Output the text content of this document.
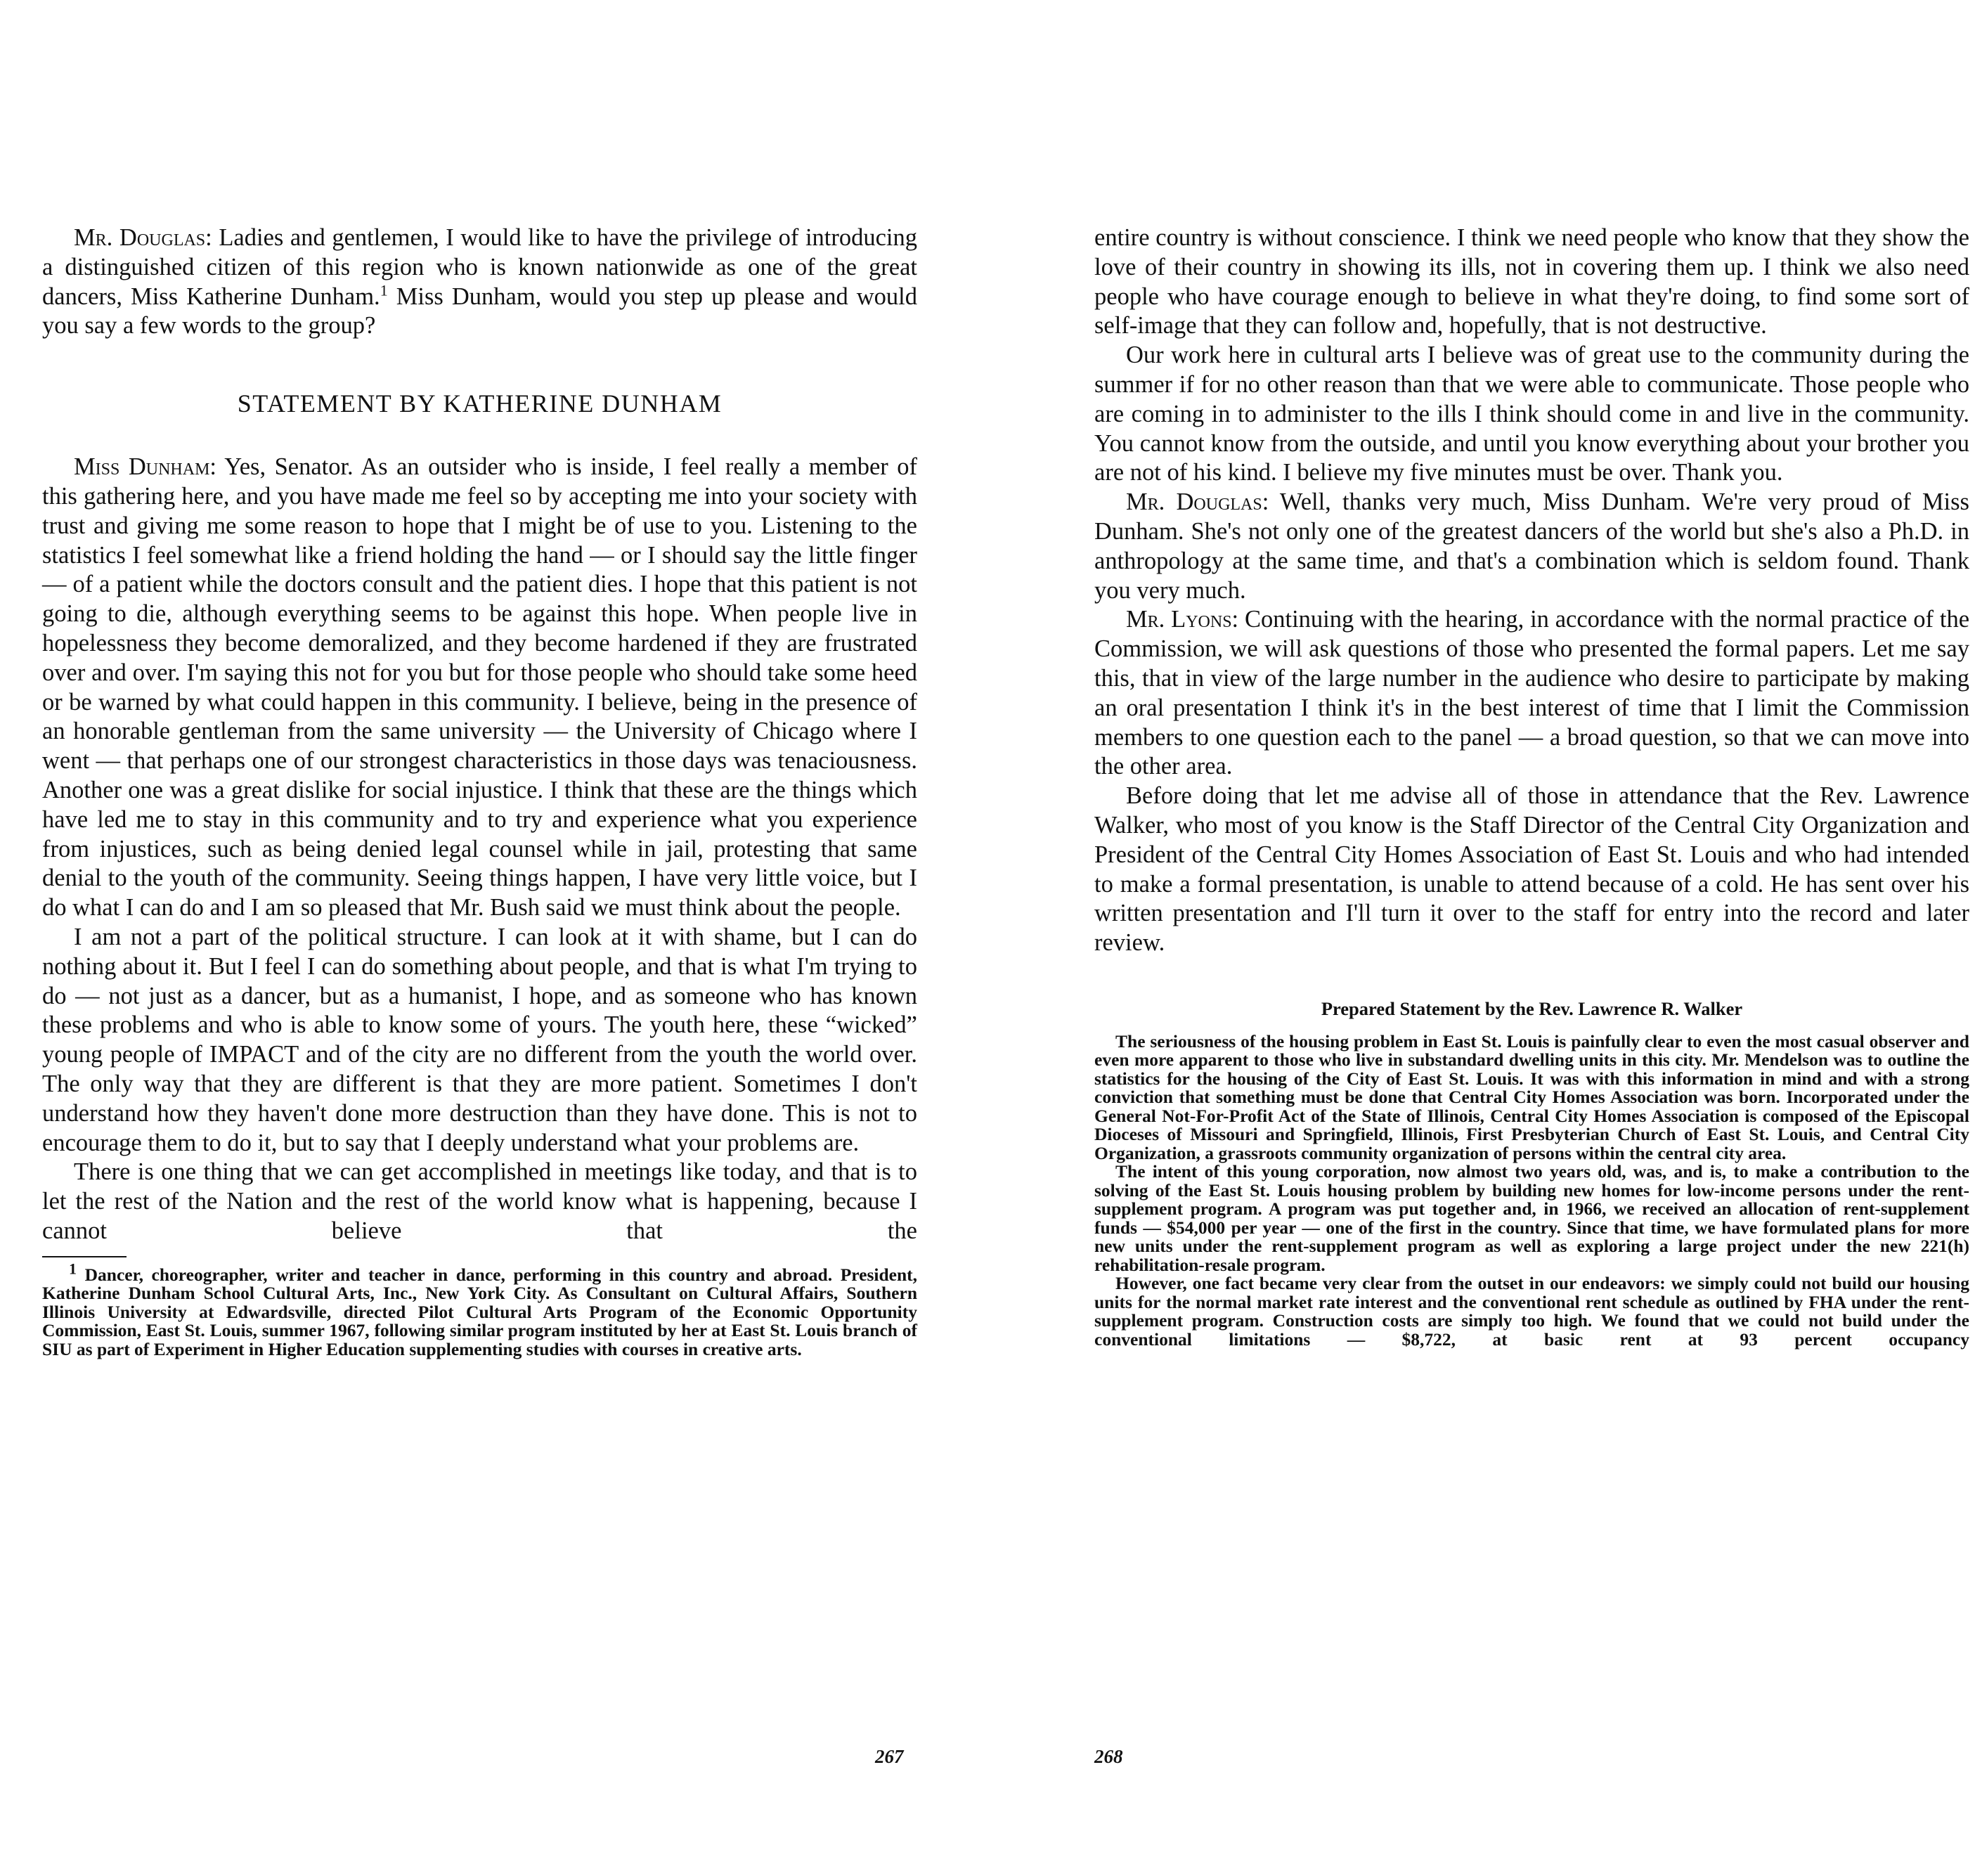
Mr. Douglas: Ladies and gentlemen, I would like to have the privilege of introducing a distinguished citizen of this region who is known nationwide as one of the great dancers, Miss Katherine Dunham.$^1$ Miss Dunham, would you step up please and would you say a few words to the group?

STATEMENT BY KATHERINE DUNHAM

Miss Dunham: Yes, Senator. As an outsider who is inside, I feel really a member of this gathering here, and you have made me feel so by accepting me into your society with trust and giving me some reason to hope that I might be of use to you. Listening to the statistics I feel somewhat like a friend holding the hand — or I should say the little finger — of a patient while the doctors consult and the patient dies. I hope that this patient is not going to die, although everything seems to be against this hope. When people live in hopelessness they become demoralized, and they become hardened if they are frustrated over and over. I'm saying this not for you but for those people who should take some heed or be warned by what could happen in this community. I believe, being in the presence of an honorable gentleman from the same university — the University of Chicago where I went — that perhaps one of our strongest characteristics in those days was tenaciousness. Another one was a great dislike for social injustice. I think that these are the things which have led me to stay in this community and to try and experience what you experience from injustices, such as being denied legal counsel while in jail, protesting that same denial to the youth of the community. Seeing things happen, I have very little voice, but I do what I can do and I am so pleased that Mr. Bush said we must think about the people.

I am not a part of the political structure. I can look at it with shame, but I can do nothing about it. But I feel I can do something about people, and that is what I'm trying to do — not just as a dancer, but as a humanist, I hope, and as someone who has known these problems and who is able to know some of yours. The youth here, these “wicked” young people of IMPACT and of the city are no different from the youth the world over. The only way that they are different is that they are more patient. Sometimes I don't understand how they haven't done more destruction than they have done. This is not to encourage them to do it, but to say that I deeply understand what your problems are.

There is one thing that we can get accomplished in meetings like today, and that is to let the rest of the Nation and the rest of the world know what is happening, because I cannot believe that the

$^1$ Dancer, choreographer, writer and teacher in dance, performing in this country and abroad. President, Katherine Dunham School Cultural Arts, Inc., New York City. As Consultant on Cultural Affairs, Southern Illinois University at Edwardsville, directed Pilot Cultural Arts Program of the Economic Opportunity Commission, East St. Louis, summer 1967, following similar program instituted by her at East St. Louis branch of SIU as part of Experiment in Higher Education supplementing studies with courses in creative arts.

267

entire country is without conscience. I think we need people who know that they show the love of their country in showing its ills, not in covering them up. I think we also need people who have courage enough to believe in what they're doing, to find some sort of self-image that they can follow and, hopefully, that is not destructive.

Our work here in cultural arts I believe was of great use to the community during the summer if for no other reason than that we were able to communicate. Those people who are coming in to administer to the ills I think should come in and live in the community. You cannot know from the outside, and until you know everything about your brother you are not of his kind. I believe my five minutes must be over. Thank you.

Mr. Douglas: Well, thanks very much, Miss Dunham. We're very proud of Miss Dunham. She's not only one of the greatest dancers of the world but she's also a Ph.D. in anthropology at the same time, and that's a combination which is seldom found. Thank you very much.

Mr. Lyons: Continuing with the hearing, in accordance with the normal practice of the Commission, we will ask questions of those who presented the formal papers. Let me say this, that in view of the large number in the audience who desire to participate by making an oral presentation I think it's in the best interest of time that I limit the Commission members to one question each to the panel — a broad question, so that we can move into the other area.

Before doing that let me advise all of those in attendance that the Rev. Lawrence Walker, who most of you know is the Staff Director of the Central City Organization and President of the Central City Homes Association of East St. Louis and who had intended to make a formal presentation, is unable to attend because of a cold. He has sent over his written presentation and I'll turn it over to the staff for entry into the record and later review.

Prepared Statement by the Rev. Lawrence R. Walker

The seriousness of the housing problem in East St. Louis is painfully clear to even the most casual observer and even more apparent to those who live in substandard dwelling units in this city. Mr. Mendelson was to outline the statistics for the housing of the City of East St. Louis. It was with this information in mind and with a strong conviction that something must be done that Central City Homes Association was born. Incorporated under the General Not-For-Profit Act of the State of Illinois, Central City Homes Association is composed of the Episcopal Dioceses of Missouri and Springfield, Illinois, First Presbyterian Church of East St. Louis, and Central City Organization, a grassroots community organization of persons within the central city area.

The intent of this young corporation, now almost two years old, was, and is, to make a contribution to the solving of the East St. Louis housing problem by building new homes for low-income persons under the rent-supplement program. A program was put together and, in 1966, we received an allocation of rent-supplement funds — $54,000 per year — one of the first in the country. Since that time, we have formulated plans for more new units under the rent-supplement program as well as exploring a large project under the new 221(h) rehabilitation-resale program.

However, one fact became very clear from the outset in our endeavors: we simply could not build our housing units for the normal market rate interest and the conventional rent schedule as outlined by FHA under the rent-supplement program. Construction costs are simply too high. We found that we could not build under the conventional limitations — $8,722, at basic rent at 93 percent occupancy

268
